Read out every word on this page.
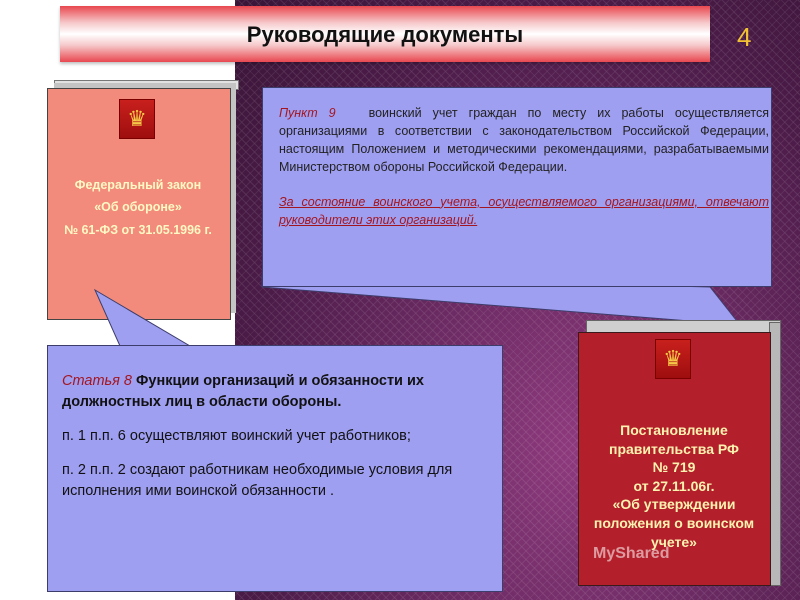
Руководящие документы	4
♛
Федеральный закон
«Об обороне»
№ 61-ФЗ от 31.05.1996 г.
Пункт 9	воинский учет граждан по месту их работы осуществляется организациями в соответствии с законодательством Российской Федерации, настоящим Положением и методическими рекомендациями, разрабатываемыми Министерством обороны Российской Федерации.
За состояние воинского учета, осуществляемого организациями, отвечают руководители этих организаций.
♛
Постановление правительства РФ
№ 719
от 27.11.06г.
«Об утверждении положения о воинском учете»

Статья 8 Функции организаций и обязанности их должностных лиц в области обороны.

п. 1 п.п. 6 осуществляют воинский учет работников;

п. 2 п.п. 2 создают работникам необходимые условия для исполнения ими воинской обязанности .

MyShared
